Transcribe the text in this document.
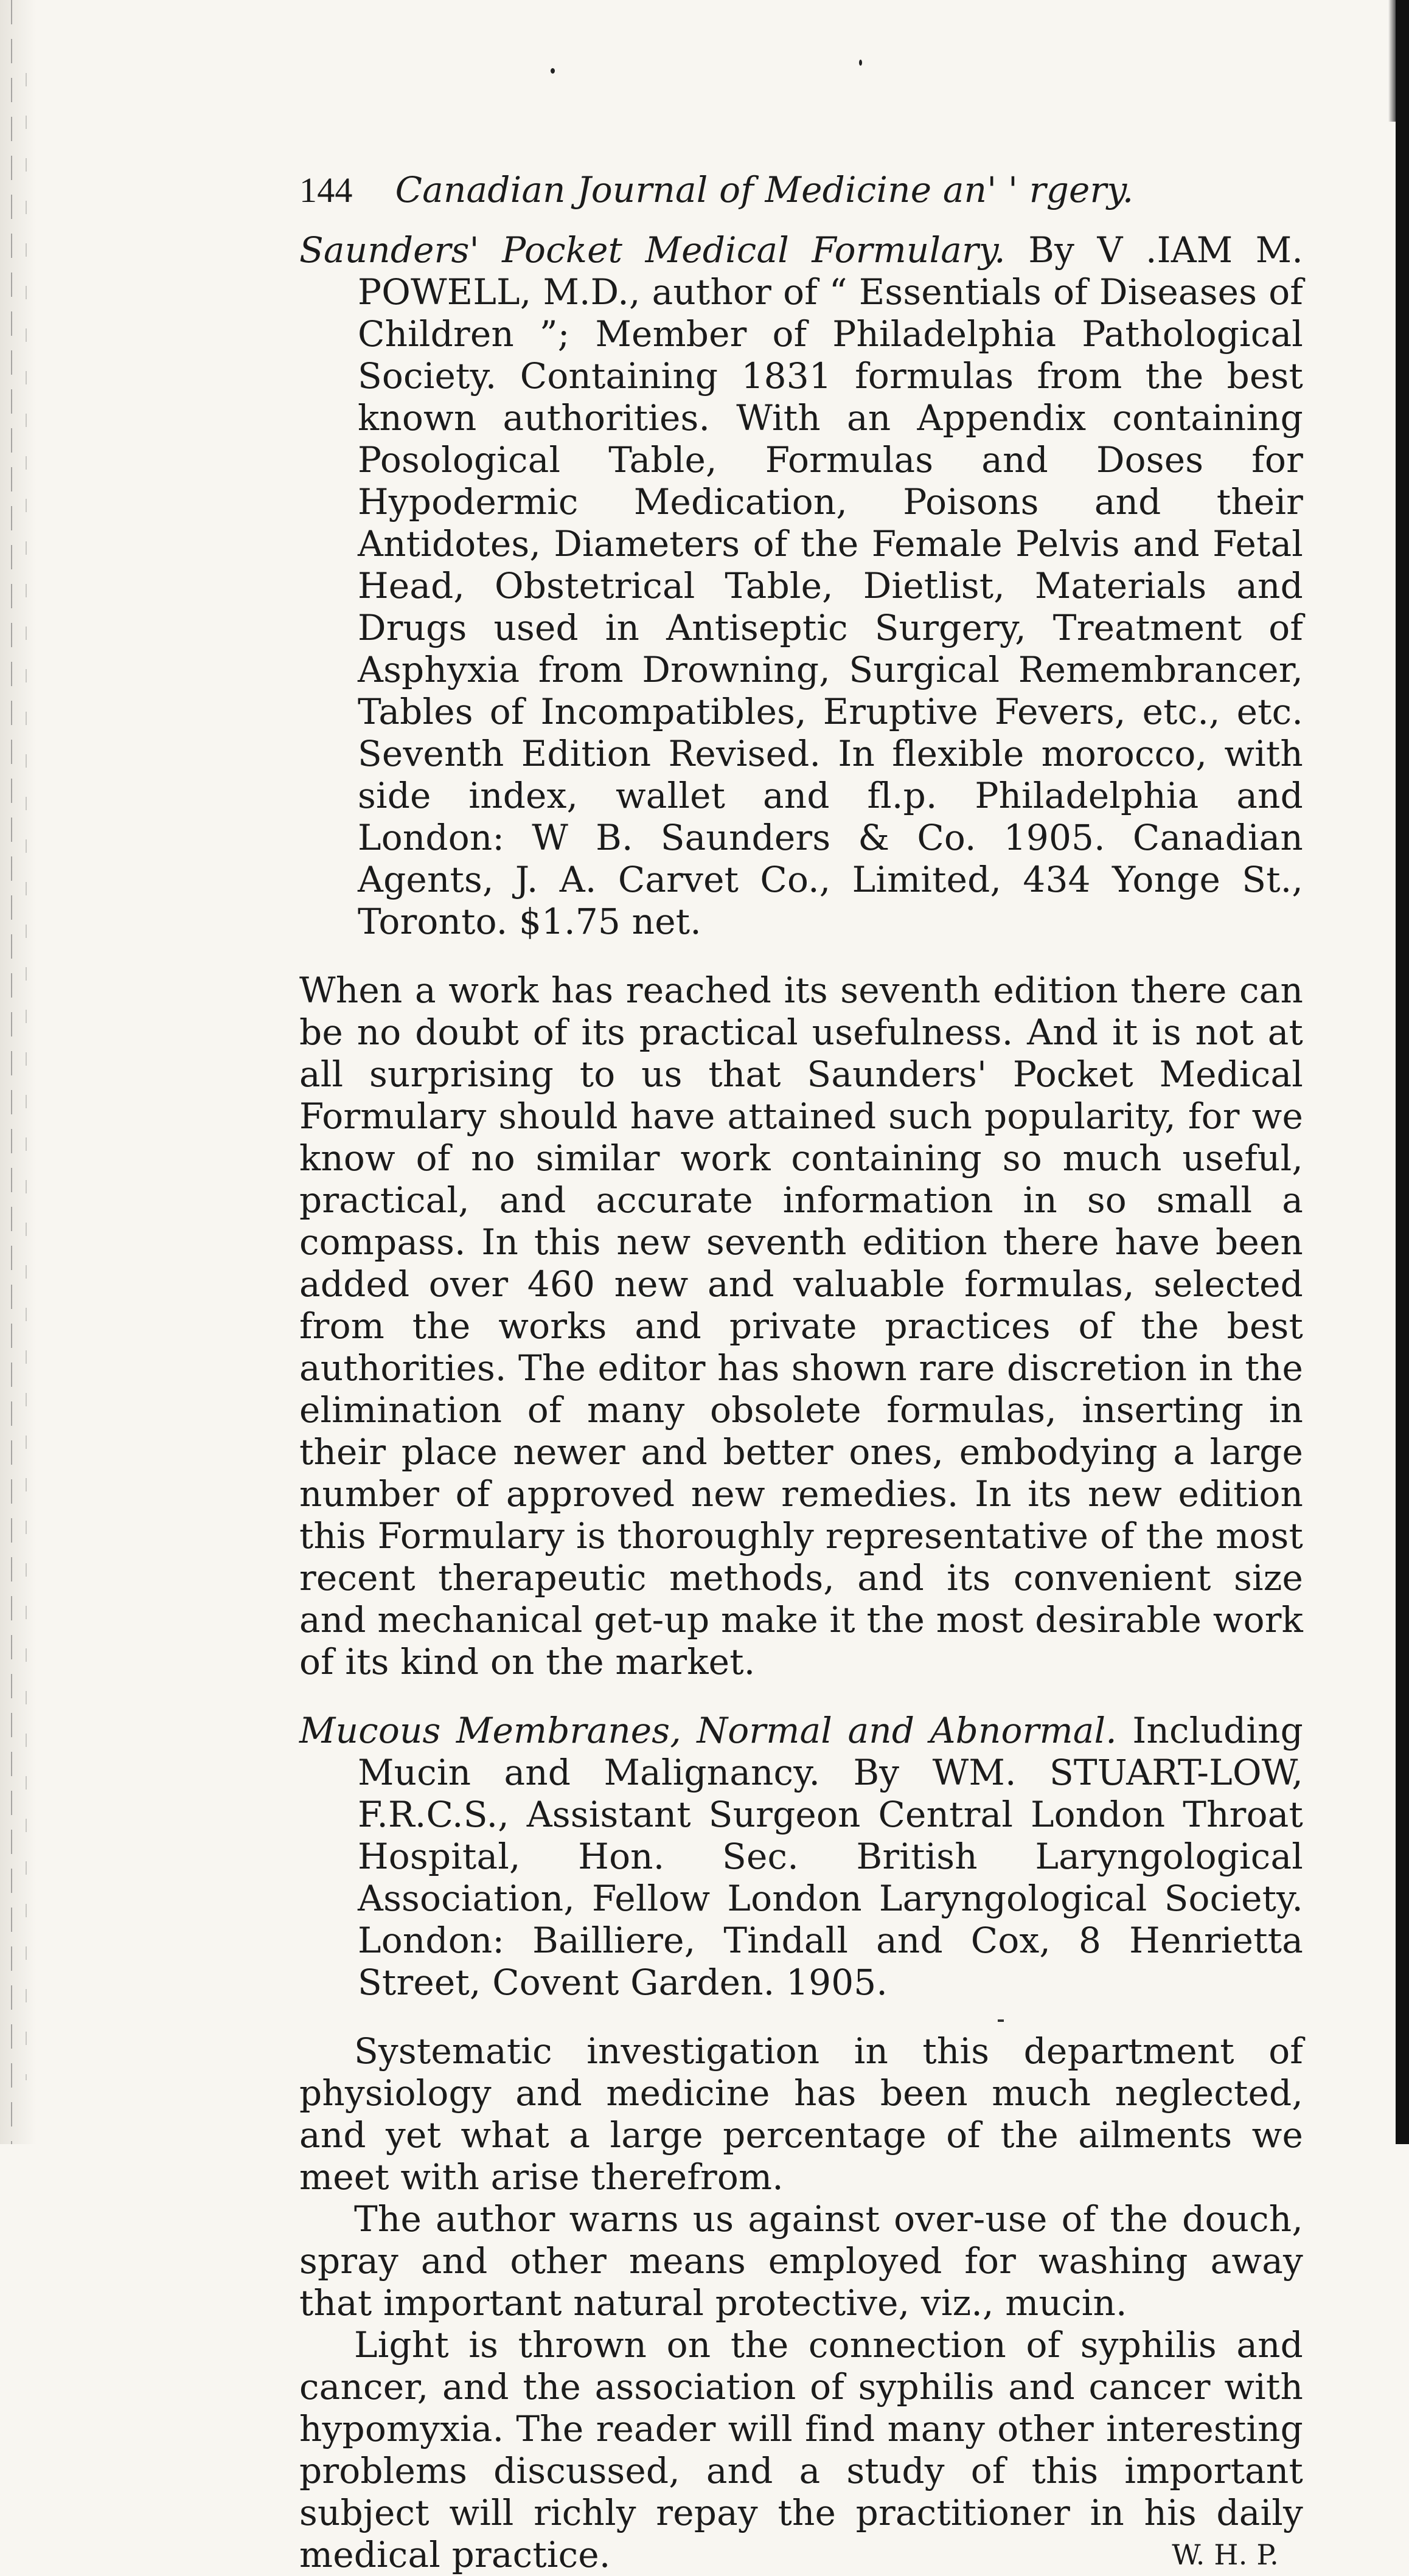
144 Canadian Journal of Medicine an' ' rgery.

Saunders' Pocket Medical Formulary. By V .IAM M. POWELL, M.D., author of “ Essentials of Diseases of Children ”; Member of Philadelphia Pathological Society. Containing 1831 formulas from the best known authorities. With an Appendix containing Posological Table, Formulas and Doses for Hypodermic Medication, Poisons and their Antidotes, Diameters of the Female Pelvis and Fetal Head, Obstetrical Table, Dietlist, Materials and Drugs used in Antiseptic Surgery, Treatment of Asphyxia from Drowning, Surgical Remembrancer, Tables of Incompatibles, Eruptive Fevers, etc., etc. Seventh Edition Revised. In flexible morocco, with side index, wallet and fl.p. Philadelphia and London: W B. Saunders & Co. 1905. Canadian Agents, J. A. Carvet Co., Limited, 434 Yonge St., Toronto. $1.75 net.

When a work has reached its seventh edition there can be no doubt of its practical usefulness. And it is not at all surprising to us that Saunders' Pocket Medical Formulary should have attained such popularity, for we know of no similar work containing so much useful, practical, and accurate information in so small a compass. In this new seventh edition there have been added over 460 new and valuable formulas, selected from the works and private practices of the best authorities. The editor has shown rare discretion in the elimination of many obsolete formulas, inserting in their place newer and better ones, embodying a large number of approved new remedies. In its new edition this Formulary is thoroughly representative of the most recent therapeutic methods, and its convenient size and mechanical get-up make it the most desirable work of its kind on the market.

Mucous Membranes, Normal and Abnormal. Including Mucin and Malignancy. By WM. STUART-LOW, F.R.C.S., Assistant Surgeon Central London Throat Hospital, Hon. Sec. British Laryngological Association, Fellow London Laryngological Society. London: Bailliere, Tindall and Cox, 8 Henrietta Street, Covent Garden. 1905.

Systematic investigation in this department of physiology and medicine has been much neglected, and yet what a large percentage of the ailments we meet with arise therefrom.

The author warns us against over-use of the douch, spray and other means employed for washing away that important natural protective, viz., mucin.

Light is thrown on the connection of syphilis and cancer, and the association of syphilis and cancer with hypomyxia. The reader will find many other interesting problems discussed, and a study of this important subject will richly repay the practitioner in his daily medical practice.	W. H. P.
